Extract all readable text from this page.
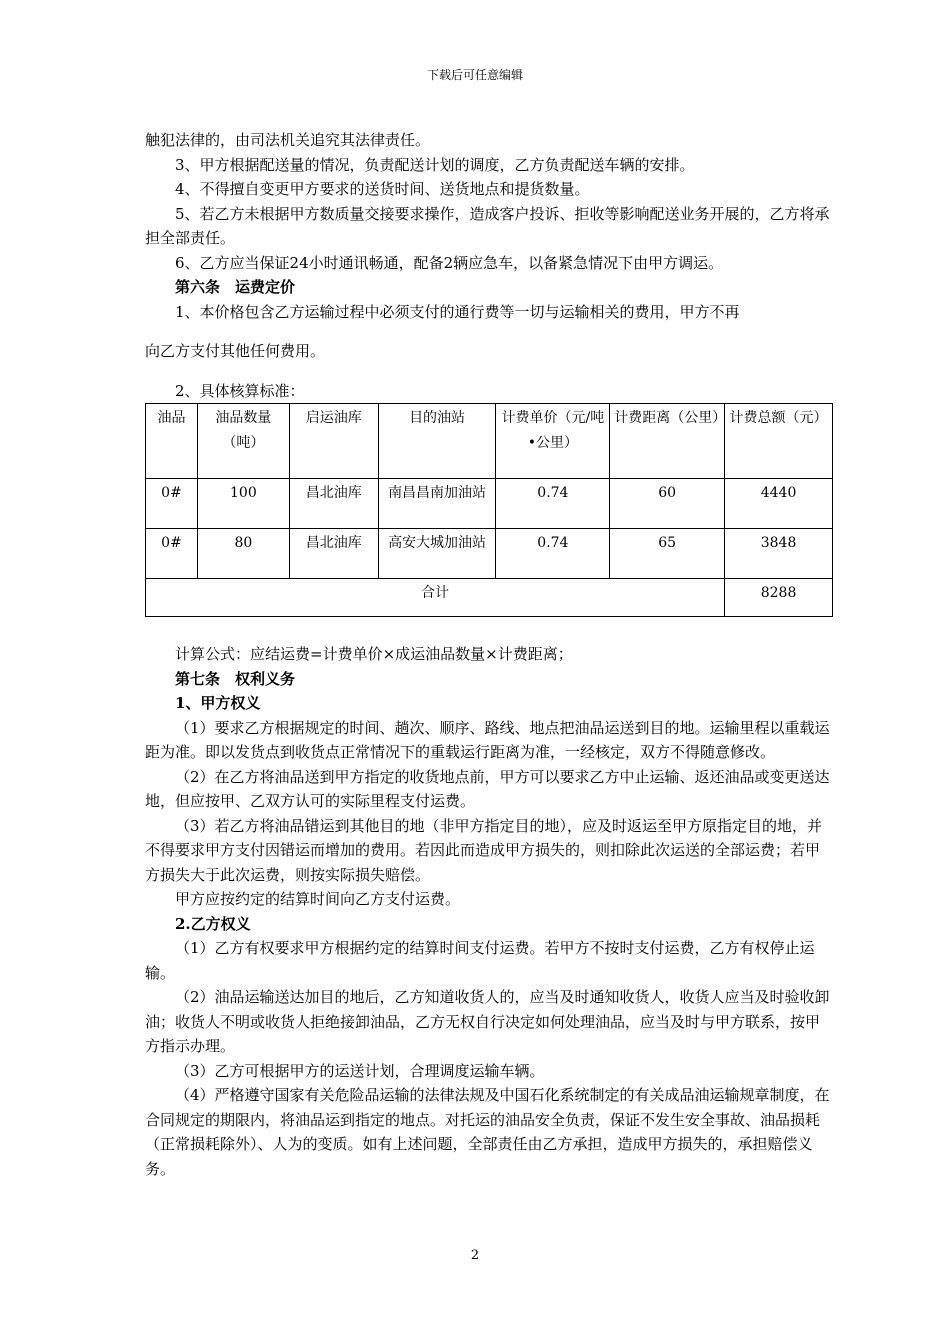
下载后可任意编辑

触犯法律的，由司法机关追究其法律责任。

3、甲方根据配送量的情况，负责配送计划的调度，乙方负责配送车辆的安排。

4、不得擅自变更甲方要求的送货时间、送货地点和提货数量。

5、若乙方未根据甲方数质量交接要求操作，造成客户投诉、拒收等影响配送业务开展的，乙方将承担全部责任。

6、乙方应当保证24小时通讯畅通，配备2辆应急车，以备紧急情况下由甲方调运。

第六条　运费定价

1、本价格包含乙方运输过程中必须支付的通行费等一切与运输相关的费用，甲方不再

向乙方支付其他任何费用。

2、具体核算标准：

油品	油品数量（吨）	启运油库	目的油站	计费单价（元/吨•公里）	计费距离（公里）	计费总额（元）
0#	100	昌北油库	南昌昌南加油站	0.74	60	4440
0#	80	昌北油库	高安大城加油站	0.74	65	3848
合计						8288

计算公式：应结运费=计费单价×成运油品数量×计费距离；

第七条　权利义务

1、甲方权义

（1）要求乙方根据规定的时间、趟次、顺序、路线、地点把油品运送到目的地。运输里程以重载运距为准。即以发货点到收货点正常情况下的重载运行距离为准，一经核定，双方不得随意修改。

（2）在乙方将油品送到甲方指定的收货地点前，甲方可以要求乙方中止运输、返还油品或变更送达地，但应按甲、乙双方认可的实际里程支付运费。

（3）若乙方将油品错运到其他目的地（非甲方指定目的地），应及时返运至甲方原指定目的地，并不得要求甲方支付因错运而增加的费用。若因此而造成甲方损失的，则扣除此次运送的全部运费；若甲方损失大于此次运费，则按实际损失赔偿。

甲方应按约定的结算时间向乙方支付运费。

2.乙方权义

（1）乙方有权要求甲方根据约定的结算时间支付运费。若甲方不按时支付运费，乙方有权停止运输。

（2）油品运输送达加目的地后，乙方知道收货人的，应当及时通知收货人，收货人应当及时验收卸油；收货人不明或收货人拒绝接卸油品，乙方无权自行决定如何处理油品，应当及时与甲方联系，按甲方指示办理。

（3）乙方可根据甲方的运送计划，合理调度运输车辆。

（4）严格遵守国家有关危险品运输的法律法规及中国石化系统制定的有关成品油运输规章制度，在合同规定的期限内，将油品运到指定的地点。对托运的油品安全负责，保证不发生安全事故、油品损耗（正常损耗除外）、人为的变质。如有上述问题，全部责任由乙方承担，造成甲方损失的，承担赔偿义务。

2
